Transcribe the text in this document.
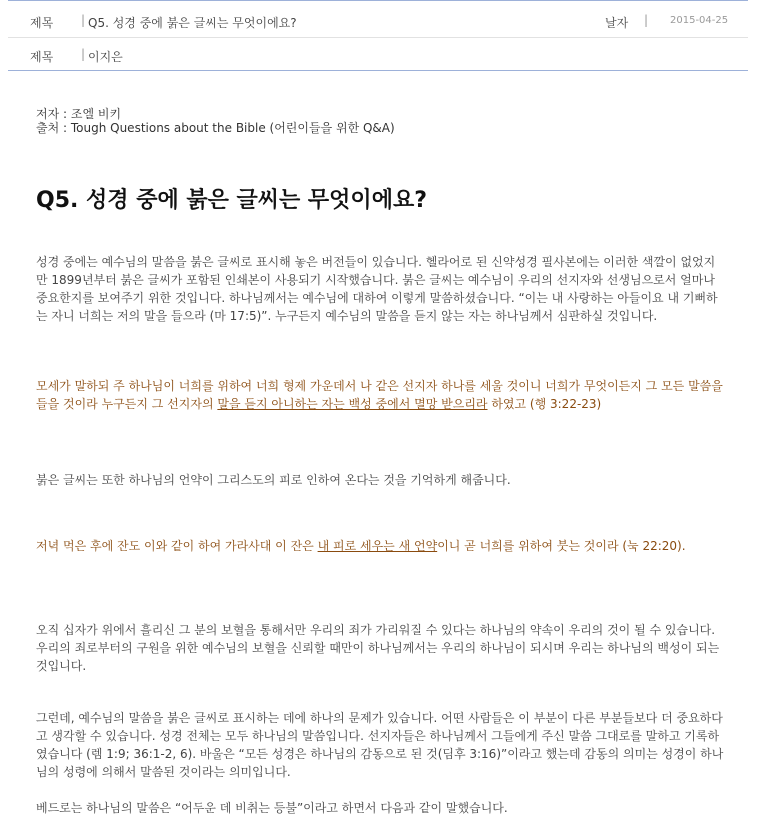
제목 | Q5. 성경 중에 붉은 글씨는 무엇이에요?	날자 | 2015-04-25
제목 | 이지은
저자 : 조엘 비키
출처 : Tough Questions about the Bible (어린이들을 위한 Q&A)
Q5. 성경 중에 붉은 글씨는 무엇이에요?
성경 중에는 예수님의 말씀을 붉은 글씨로 표시해 놓은 버전들이 있습니다. 헬라어로 된 신약성경 필사본에는 이러한 색깔이 없었지만 1899년부터 붉은 글씨가 포함된 인쇄본이 사용되기 시작했습니다. 붉은 글씨는 예수님이 우리의 선지자와 선생님으로서 얼마나 중요한지를 보여주기 위한 것입니다. 하나님께서는 예수님에 대하여 이렇게 말씀하셨습니다. “이는 내 사랑하는 아들이요 내 기뻐하는 자니 너희는 저의 말을 들으라 (마 17:5)”. 누구든지 예수님의 말씀을 듣지 않는 자는 하나님께서 심판하실 것입니다.
모세가 말하되 주 하나님이 너희를 위하여 너희 형제 가운데서 나 같은 선지자 하나를 세울 것이니 너희가 무엇이든지 그 모든 말씀을 들을 것이라 누구든지 그 선지자의 말을 듣지 아니하는 자는 백성 중에서 멸망 받으리라 하였고 (행 3:22-23)
붉은 글씨는 또한 하나님의 언약이 그리스도의 피로 인하여 온다는 것을 기억하게 해줍니다.
저녁 먹은 후에 잔도 이와 같이 하여 가라사대 이 잔은 내 피로 세우는 새 언약이니 곧 너희를 위하여 붓는 것이라 (눅 22:20).
오직 십자가 위에서 흘리신 그 분의 보혈을 통해서만 우리의 죄가 가리워질 수 있다는 하나님의 약속이 우리의 것이 될 수 있습니다. 우리의 죄로부터의 구원을 위한 예수님의 보혈을 신뢰할 때만이 하나님께서는 우리의 하나님이 되시며 우리는 하나님의 백성이 되는 것입니다.
그런데, 예수님의 말씀을 붉은 글씨로 표시하는 데에 하나의 문제가 있습니다. 어떤 사람들은 이 부분이 다른 부분들보다 더 중요하다고 생각할 수 있습니다. 성경 전체는 모두 하나님의 말씀입니다. 선지자들은 하나님께서 그들에게 주신 말씀 그대로를 말하고 기록하였습니다 (렘 1:9; 36:1-2, 6). 바울은 “모든 성경은 하나님의 감동으로 된 것(딤후 3:16)”이라고 했는데 감동의 의미는 성경이 하나님의 성령에 의해서 말씀된 것이라는 의미입니다.
베드로는 하나님의 말씀은 “어두운 데 비취는 등불”이라고 하면서 다음과 같이 말했습니다.
